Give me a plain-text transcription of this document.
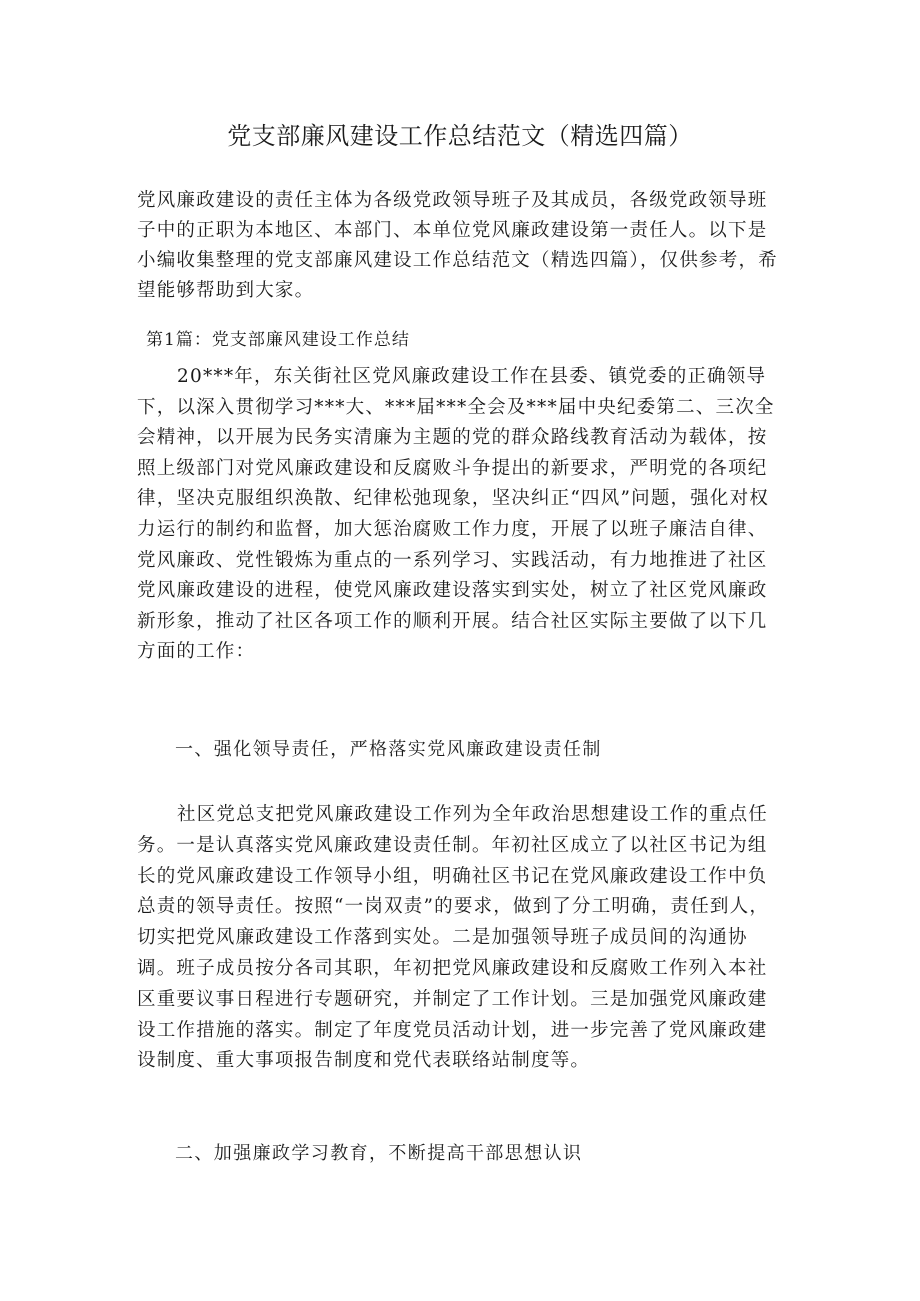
党支部廉风建设工作总结范文（精选四篇）

党风廉政建设的责任主体为各级党政领导班子及其成员，各级党政领导班子中的正职为本地区、本部门、本单位党风廉政建设第一责任人。以下是小编收集整理的党支部廉风建设工作总结范文（精选四篇），仅供参考，希望能够帮助到大家。

第1篇：党支部廉风建设工作总结

20***年，东关街社区党风廉政建设工作在县委、镇党委的正确领导下，以深入贯彻学习***大、***届***全会及***届中央纪委第二、三次全会精神，以开展为民务实清廉为主题的党的群众路线教育活动为载体，按照上级部门对党风廉政建设和反腐败斗争提出的新要求，严明党的各项纪律，坚决克服组织涣散、纪律松弛现象，坚决纠正“四风”问题，强化对权力运行的制约和监督，加大惩治腐败工作力度，开展了以班子廉洁自律、党风廉政、党性锻炼为重点的一系列学习、实践活动，有力地推进了社区党风廉政建设的进程，使党风廉政建设落实到实处，树立了社区党风廉政新形象，推动了社区各项工作的顺利开展。结合社区实际主要做了以下几方面的工作：

一、强化领导责任，严格落实党风廉政建设责任制

社区党总支把党风廉政建设工作列为全年政治思想建设工作的重点任务。一是认真落实党风廉政建设责任制。年初社区成立了以社区书记为组长的党风廉政建设工作领导小组，明确社区书记在党风廉政建设工作中负总责的领导责任。按照“一岗双责”的要求，做到了分工明确，责任到人，切实把党风廉政建设工作落到实处。二是加强领导班子成员间的沟通协调。班子成员按分各司其职，年初把党风廉政建设和反腐败工作列入本社区重要议事日程进行专题研究，并制定了工作计划。三是加强党风廉政建设工作措施的落实。制定了年度党员活动计划，进一步完善了党风廉政建设制度、重大事项报告制度和党代表联络站制度等。

二、加强廉政学习教育，不断提高干部思想认识
